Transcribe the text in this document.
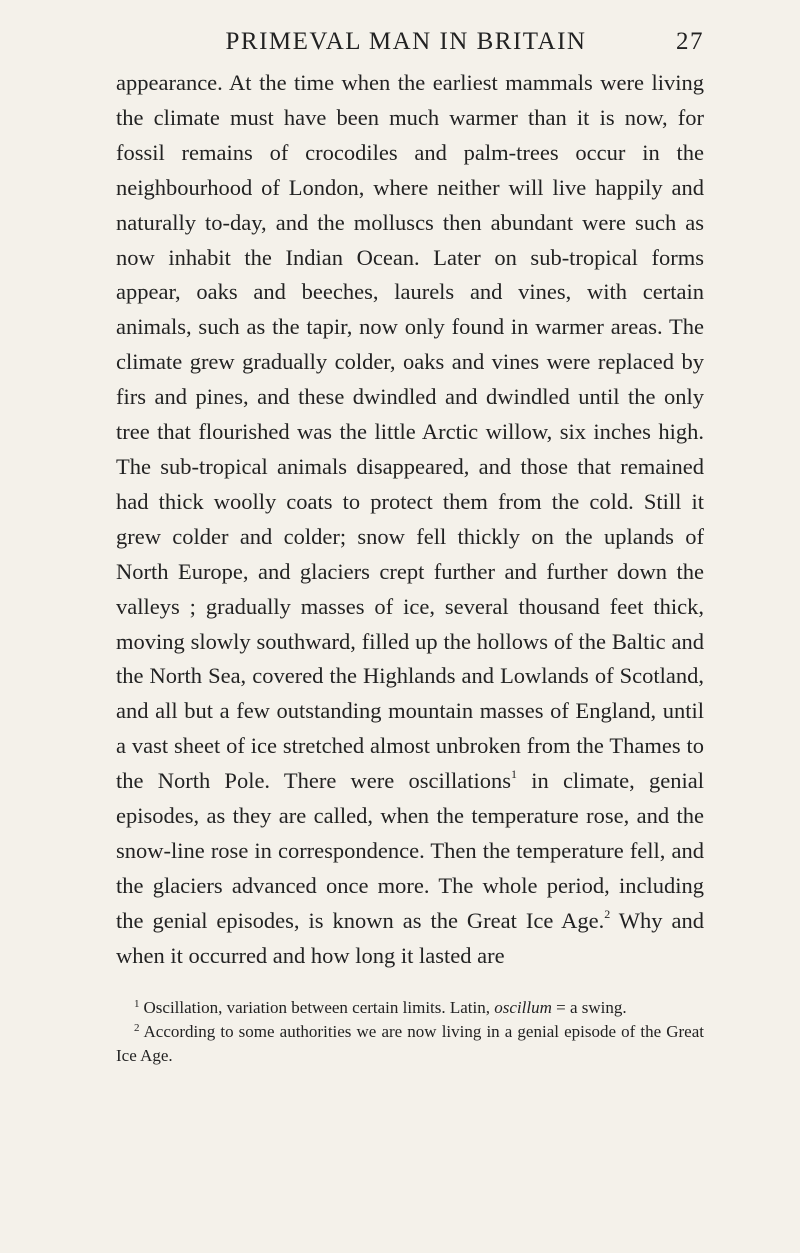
PRIMEVAL MAN IN BRITAIN	27

appearance. At the time when the earliest mammals were living the climate must have been much warmer than it is now, for fossil remains of crocodiles and palm-trees occur in the neighbourhood of London, where neither will live happily and naturally to-day, and the molluscs then abundant were such as now inhabit the Indian Ocean. Later on sub-tropical forms appear, oaks and beeches, laurels and vines, with certain animals, such as the tapir, now only found in warmer areas. The climate grew gradually colder, oaks and vines were replaced by firs and pines, and these dwindled and dwindled until the only tree that flourished was the little Arctic willow, six inches high. The sub-tropical animals disappeared, and those that remained had thick woolly coats to protect them from the cold. Still it grew colder and colder; snow fell thickly on the uplands of North Europe, and glaciers crept further and further down the valleys ; gradually masses of ice, several thousand feet thick, moving slowly southward, filled up the hollows of the Baltic and the North Sea, covered the Highlands and Lowlands of Scotland, and all but a few outstanding mountain masses of England, until a vast sheet of ice stretched almost unbroken from the Thames to the North Pole. There were oscillations$^1$ in climate, genial episodes, as they are called, when the temperature rose, and the snow-line rose in correspondence. Then the temperature fell, and the glaciers advanced once more. The whole period, including the genial episodes, is known as the Great Ice Age.$^2$ Why and when it occurred and how long it lasted are

$^1$ Oscillation, variation between certain limits. Latin, oscillum = a swing.

$^2$ According to some authorities we are now living in a genial episode of the Great Ice Age.
